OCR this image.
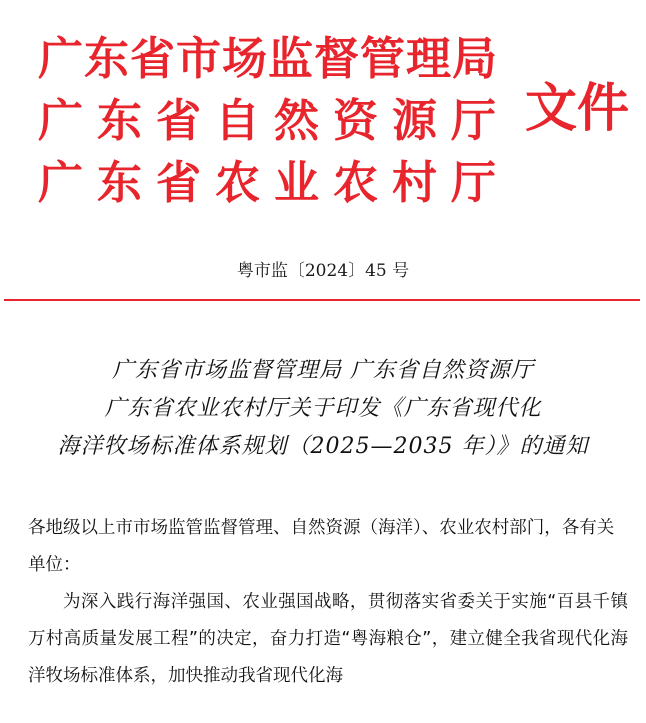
广东省市场监督管理局
广东省自然资源厅
广东省农业农村厅
文件
粤市监〔2024〕45 号
广东省市场监督管理局 广东省自然资源厅
广东省农业农村厅关于印发《广东省现代化
海洋牧场标准体系规划（2025—2035 年）》的通知

各地级以上市市场监管监督管理、自然资源（海洋）、农业农村部门，各有关单位：

为深入践行海洋强国、农业强国战略，贯彻落实省委关于实施“百县千镇万村高质量发展工程”的决定，奋力打造“粤海粮仓”，建立健全我省现代化海洋牧场标准体系，加快推动我省现代化海
